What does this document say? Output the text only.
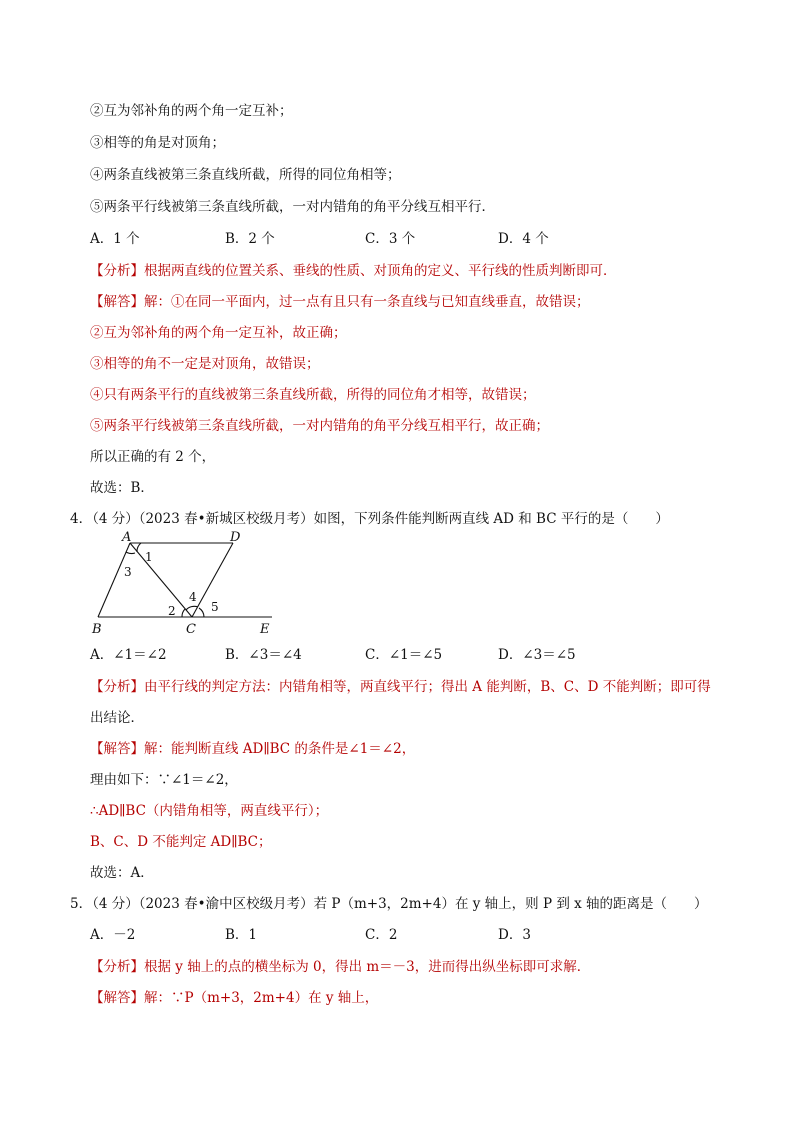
②互为邻补角的两个角一定互补；
③相等的角是对顶角；
④两条直线被第三条直线所截，所得的同位角相等；
⑤两条平行线被第三条直线所截，一对内错角的角平分线互相平行．
A．1 个	B．2 个	C．3 个	D．4 个
【分析】根据两直线的位置关系、垂线的性质、对顶角的定义、平行线的性质判断即可．
【解答】解：①在同一平面内，过一点有且只有一条直线与已知直线垂直，故错误；
②互为邻补角的两个角一定互补，故正确；
③相等的角不一定是对顶角，故错误；
④只有两条平行的直线被第三条直线所截，所得的同位角才相等，故错误；
⑤两条平行线被第三条直线所截，一对内错角的角平分线互相平行，故正确；
所以正确的有 2 个，
故选：B．
4．（4 分）（2023 春•新城区校级月考）如图，下列条件能判断两直线 AD 和 BC 平行的是（　　）
A	D
B	C	E
1
3
2
4
5
A．∠1＝∠2	B．∠3＝∠4	C．∠1＝∠5	D．∠3＝∠5
【分析】由平行线的判定方法：内错角相等，两直线平行；得出 A 能判断，B、C、D 不能判断；即可得
出结论．
【解答】解：能判断直线 AD∥BC 的条件是∠1＝∠2，
理由如下：∵∠1＝∠2，
∴AD∥BC（内错角相等，两直线平行）；
B、C、D 不能判定 AD∥BC；
故选：A．
5．（4 分）（2023 春•渝中区校级月考）若 P（m+3，2m+4）在 y 轴上，则 P 到 x 轴的距离是（　　）
A．－2	B．1	C．2	D．3
【分析】根据 y 轴上的点的横坐标为 0，得出 m＝－3，进而得出纵坐标即可求解．
【解答】解：∵P（m+3，2m+4）在 y 轴上，
